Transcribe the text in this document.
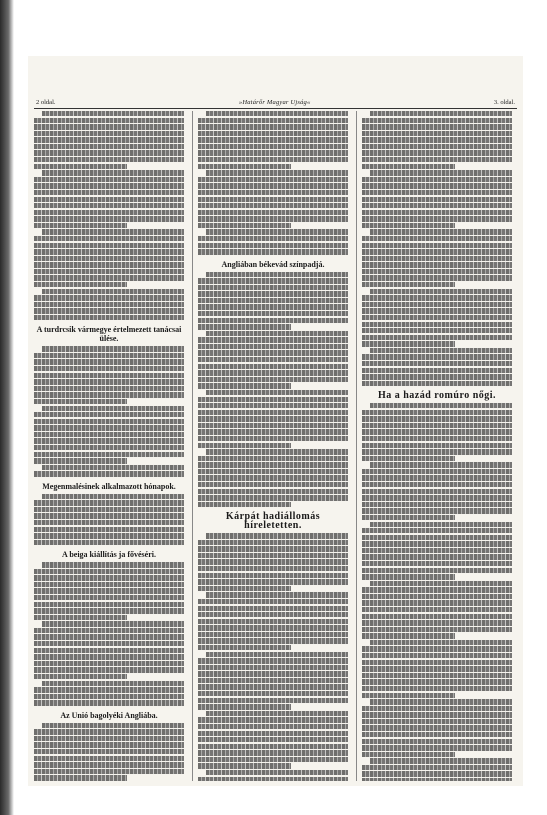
2 oldal.	»Határőr Magyar Ujság«	3. oldal.
A turdrcsik vármegye értelmezett tanácsai ülése.
Megenmalésinek alkalmazott hónapok.
A beiga kiállítás ja fővéséri.
Az Unió bagolyéki Angliába.
Angliában békevád színpadjá.
Kárpát hadiállomás híreletetten.
Ha a hazád romúro nőgi.
